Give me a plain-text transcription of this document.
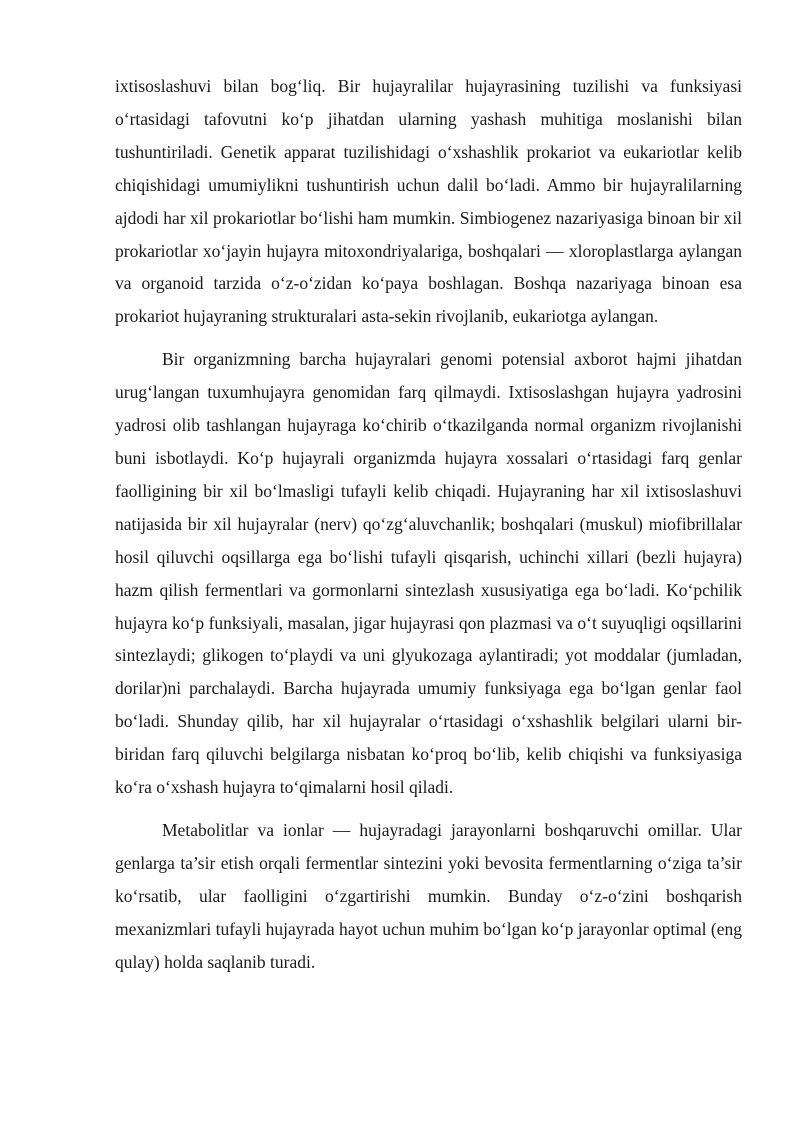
ixtisoslashuvi bilan bog‘liq. Bir hujayralilar hujayrasining tuzilishi va funksiyasi o‘rtasidagi tafovutni ko‘p jihatdan ularning yashash muhitiga moslanishi bilan tushuntiriladi. Genetik apparat tuzilishidagi o‘xshashlik prokariot va eukariotlar kelib chiqishidagi umumiylikni tushuntirish uchun dalil bo‘ladi. Ammo bir hujayralilarning ajdodi har xil prokariotlar bo‘lishi ham mumkin. Simbiogenez nazariyasiga binoan bir xil prokariotlar xo‘jayin hujayra mitoxondriyalariga, boshqalari — xloroplastlarga aylangan va organoid tarzida o‘z-o‘zidan ko‘paya boshlagan. Boshqa nazariyaga binoan esa prokariot hujayraning strukturalari asta-sekin rivojlanib, eukariotga aylangan.

Bir organizmning barcha hujayralari genomi potensial axborot hajmi jihatdan urug‘langan tuxumhujayra genomidan farq qilmaydi. Ixtisoslashgan hujayra yadrosini yadrosi olib tashlangan hujayraga ko‘chirib o‘tkazilganda normal organizm rivojlanishi buni isbotlaydi. Ko‘p hujayrali organizmda hujayra xossalari o‘rtasidagi farq genlar faolligining bir xil bo‘lmasligi tufayli kelib chiqadi. Hujayraning har xil ixtisoslashuvi natijasida bir xil hujayralar (nerv) qo‘zg‘aluvchanlik; boshqalari (muskul) miofibrillalar hosil qiluvchi oqsillarga ega bo‘lishi tufayli qisqarish, uchinchi xillari (bezli hujayra) hazm qilish fermentlari va gormonlarni sintezlash xususiyatiga ega bo‘ladi. Ko‘pchilik hujayra ko‘p funksiyali, masalan, jigar hujayrasi qon plazmasi va o‘t suyuqligi oqsillarini sintezlaydi; glikogen to‘playdi va uni glyukozaga aylantiradi; yot moddalar (jumladan, dorilar)ni parchalaydi. Barcha hujayrada umumiy funksiyaga ega bo‘lgan genlar faol bo‘ladi. Shunday qilib, har xil hujayralar o‘rtasidagi o‘xshashlik belgilari ularni bir-biridan farq qiluvchi belgilarga nisbatan ko‘proq bo‘lib, kelib chiqishi va funksiyasiga ko‘ra o‘xshash hujayra to‘qimalarni hosil qiladi.

Metabolitlar va ionlar — hujayradagi jarayonlarni boshqaruvchi omillar. Ular genlarga ta’sir etish orqali fermentlar sintezini yoki bevosita fermentlarning o‘ziga ta’sir ko‘rsatib, ular faolligini o‘zgartirishi mumkin. Bunday o‘z-o‘zini boshqarish mexanizmlari tufayli hujayrada hayot uchun muhim bo‘lgan ko‘p jarayonlar optimal (eng qulay) holda saqlanib turadi.
